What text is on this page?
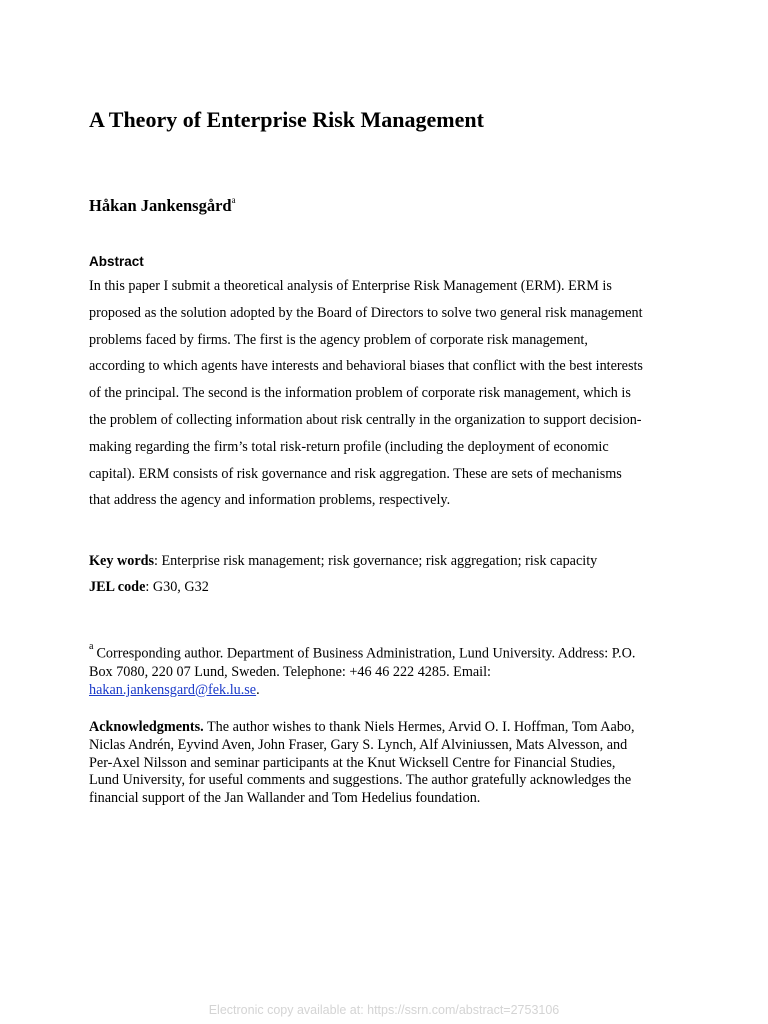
A Theory of Enterprise Risk Management
Håkan Jankensgård$^a$
Abstract
In this paper I submit a theoretical analysis of Enterprise Risk Management (ERM). ERM is
proposed as the solution adopted by the Board of Directors to solve two general risk management
problems faced by firms. The first is the agency problem of corporate risk management,
according to which agents have interests and behavioral biases that conflict with the best interests
of the principal. The second is the information problem of corporate risk management, which is
the problem of collecting information about risk centrally in the organization to support decision-
making regarding the firm’s total risk-return profile (including the deployment of economic
capital). ERM consists of risk governance and risk aggregation. These are sets of mechanisms
that address the agency and information problems, respectively.
Key words: Enterprise risk management; risk governance; risk aggregation; risk capacity
JEL code: G30, G32
$^a$ Corresponding author. Department of Business Administration, Lund University. Address: P.O.
Box 7080, 220 07 Lund, Sweden. Telephone: +46 46 222 4285. Email:
hakan.jankensgard@fek.lu.se.
Acknowledgments. The author wishes to thank Niels Hermes, Arvid O. I. Hoffman, Tom Aabo,
Niclas Andrén, Eyvind Aven, John Fraser, Gary S. Lynch, Alf Alviniussen, Mats Alvesson, and
Per-Axel Nilsson and seminar participants at the Knut Wicksell Centre for Financial Studies,
Lund University, for useful comments and suggestions. The author gratefully acknowledges the
financial support of the Jan Wallander and Tom Hedelius foundation.
Electronic copy available at: https://ssrn.com/abstract=2753106
